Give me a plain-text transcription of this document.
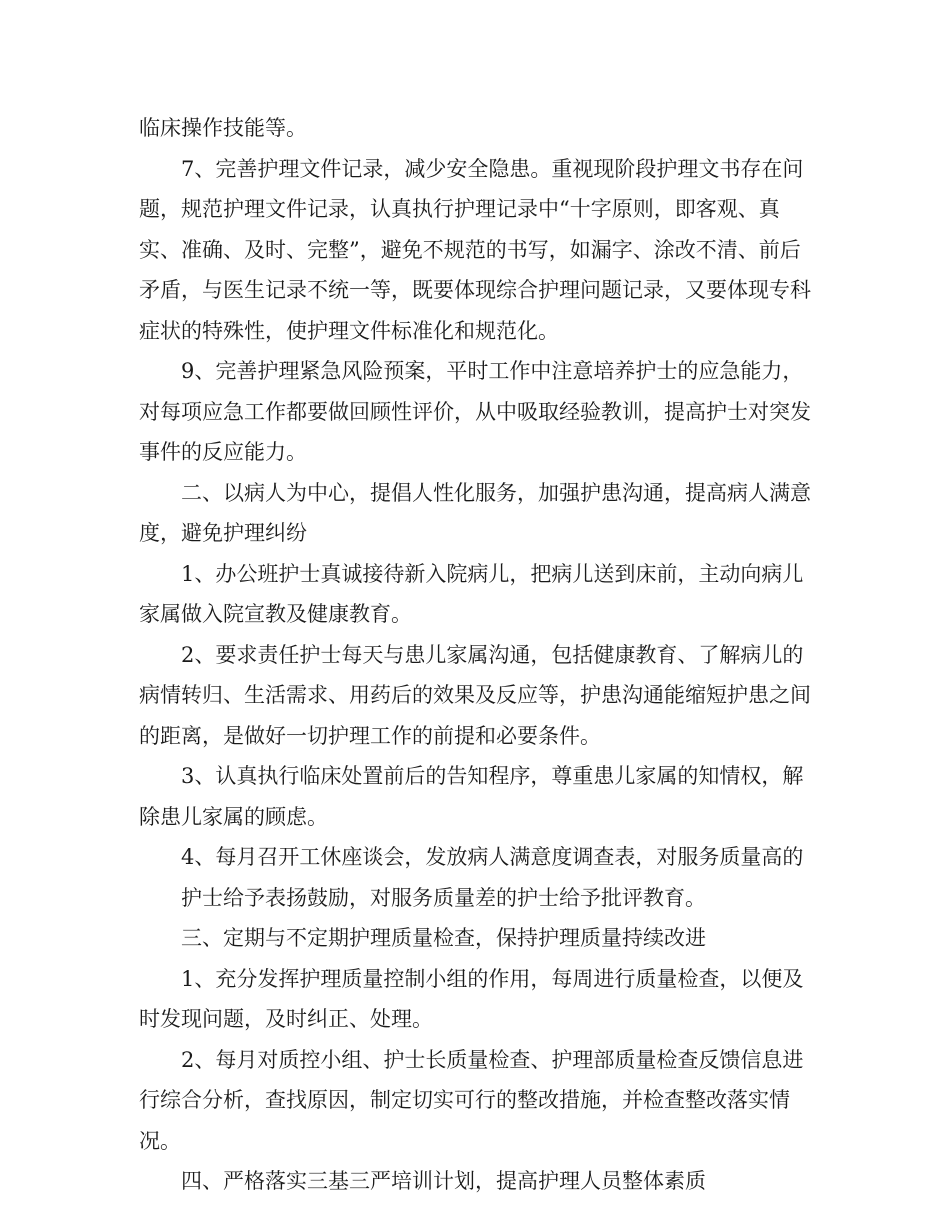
临床操作技能等。

7、完善护理文件记录，减少安全隐患。重视现阶段护理文书存在问题，规范护理文件记录，认真执行护理记录中“十字原则，即客观、真实、准确、及时、完整”，避免不规范的书写，如漏字、涂改不清、前后矛盾，与医生记录不统一等，既要体现综合护理问题记录，又要体现专科症状的特殊性，使护理文件标准化和规范化。

9、完善护理紧急风险预案，平时工作中注意培养护士的应急能力，对每项应急工作都要做回顾性评价，从中吸取经验教训，提高护士对突发事件的反应能力。

二、以病人为中心，提倡人性化服务，加强护患沟通，提高病人满意度，避免护理纠纷

1、办公班护士真诚接待新入院病儿，把病儿送到床前，主动向病儿家属做入院宣教及健康教育。

2、要求责任护士每天与患儿家属沟通，包括健康教育、了解病儿的病情转归、生活需求、用药后的效果及反应等，护患沟通能缩短护患之间的距离，是做好一切护理工作的前提和必要条件。

3、认真执行临床处置前后的告知程序，尊重患儿家属的知情权，解除患儿家属的顾虑。

4、每月召开工休座谈会，发放病人满意度调查表，对服务质量高的

护士给予表扬鼓励，对服务质量差的护士给予批评教育。

三、定期与不定期护理质量检查，保持护理质量持续改进

1、充分发挥护理质量控制小组的作用，每周进行质量检查，以便及时发现问题，及时纠正、处理。

2、每月对质控小组、护士长质量检查、护理部质量检查反馈信息进行综合分析，查找原因，制定切实可行的整改措施，并检查整改落实情况。

四、严格落实三基三严培训计划，提高护理人员整体素质
